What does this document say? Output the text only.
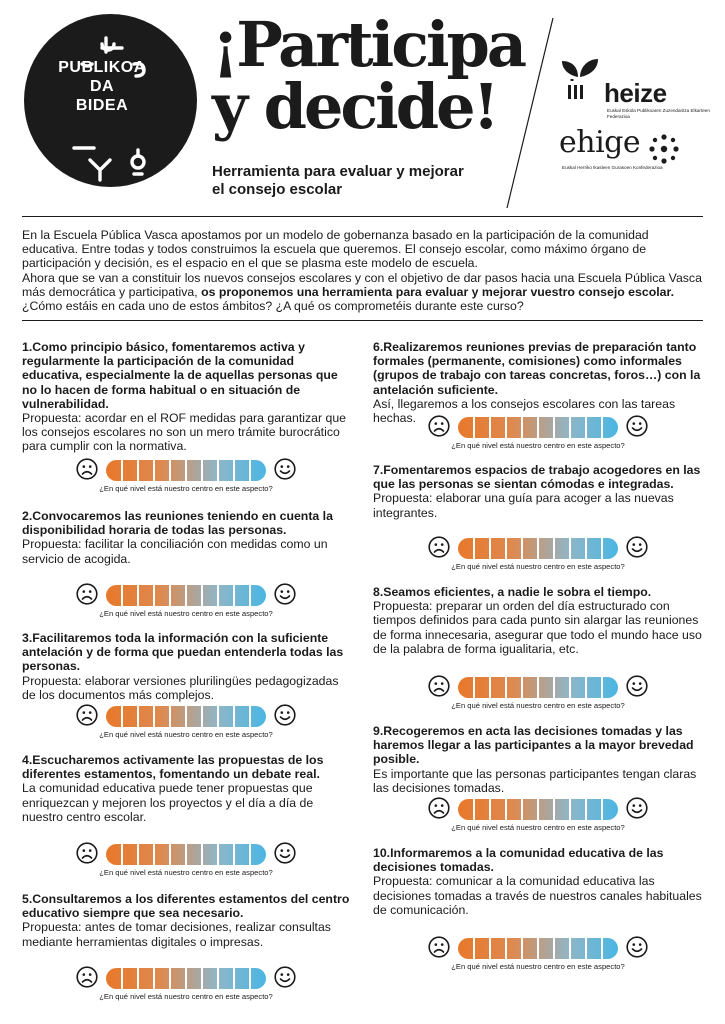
PUBLIKOA
DA
BIDEA
¡Participa
y decide!
Herramienta para evaluar y mejorar el consejo escolar
heize
Euskal Eskola Publikoaren Zuzendaritza Elkarteen Federazioa
ehige
Euskal Herriko Ikasleen Gurasoen Konfederazioa

En la Escuela Pública Vasca apostamos por un modelo de gobernanza basado en la participación de la comunidad educativa. Entre todas y todos construimos la escuela que queremos. El consejo escolar, como máximo órgano de participación y decisión, es el espacio en el que se plasma este modelo de escuela.

Ahora que se van a constituir los nuevos consejos escolares y con el objetivo de dar pasos hacia una Escuela Pública Vasca más democrática y participativa, os proponemos una herramienta para evaluar y mejorar vuestro consejo escolar. ¿Cómo estáis en cada uno de estos ámbitos? ¿A qué os comprometéis durante este curso?

1.Como principio básico, fomentaremos activa y regularmente la participación de la comunidad educativa, especialmente la de aquellas personas que no lo hacen de forma habitual o en situación de vulnerabilidad.
Propuesta: acordar en el ROF medidas para garantizar que los consejos escolares no son un mero trámite burocrático para cumplir con la normativa.
¿En qué nivel está nuestro centro en este aspecto?
2.Convocaremos las reuniones teniendo en cuenta la disponibilidad horaria de todas las personas.
Propuesta: facilitar la conciliación con medidas como un servicio de acogida.
¿En qué nivel está nuestro centro en este aspecto?
3.Facilitaremos toda la información con la suficiente antelación y de forma que puedan entenderla todas las personas.
Propuesta: elaborar versiones plurilingües pedagogizadas de los documentos más complejos.
¿En qué nivel está nuestro centro en este aspecto?
4.Escucharemos activamente las propuestas de los diferentes estamentos, fomentando un debate real.
La comunidad educativa puede tener propuestas que enriquezcan y mejoren los proyectos y el día a día de nuestro centro escolar.
¿En qué nivel está nuestro centro en este aspecto?
5.Consultaremos a los diferentes estamentos del centro educativo siempre que sea necesario.
Propuesta: antes de tomar decisiones, realizar consultas mediante herramientas digitales o impresas.
¿En qué nivel está nuestro centro en este aspecto?
6.Realizaremos reuniones previas de preparación tanto formales (permanente, comisiones) como informales (grupos de trabajo con tareas concretas, foros…) con la antelación suficiente.
Así, llegaremos a los consejos escolares con las tareas hechas.
¿En qué nivel está nuestro centro en este aspecto?
7.Fomentaremos espacios de trabajo acogedores en las que las personas se sientan cómodas e integradas.
Propuesta: elaborar una guía para acoger a las nuevas integrantes.
¿En qué nivel está nuestro centro en este aspecto?
8.Seamos eficientes, a nadie le sobra el tiempo.
Propuesta: preparar un orden del día estructurado con tiempos definidos para cada punto sin alargar las reuniones de forma innecesaria, asegurar que todo el mundo hace uso de la palabra de forma igualitaria, etc.
¿En qué nivel está nuestro centro en este aspecto?
9.Recogeremos en acta las decisiones tomadas y las haremos llegar a las participantes a la mayor brevedad posible.
Es importante que las personas participantes tengan claras las decisiones tomadas.
¿En qué nivel está nuestro centro en este aspecto?
10.Informaremos a la comunidad educativa de las decisiones tomadas.
Propuesta: comunicar a la comunidad educativa las decisiones tomadas a través de nuestros canales habituales de comunicación.
¿En qué nivel está nuestro centro en este aspecto?
